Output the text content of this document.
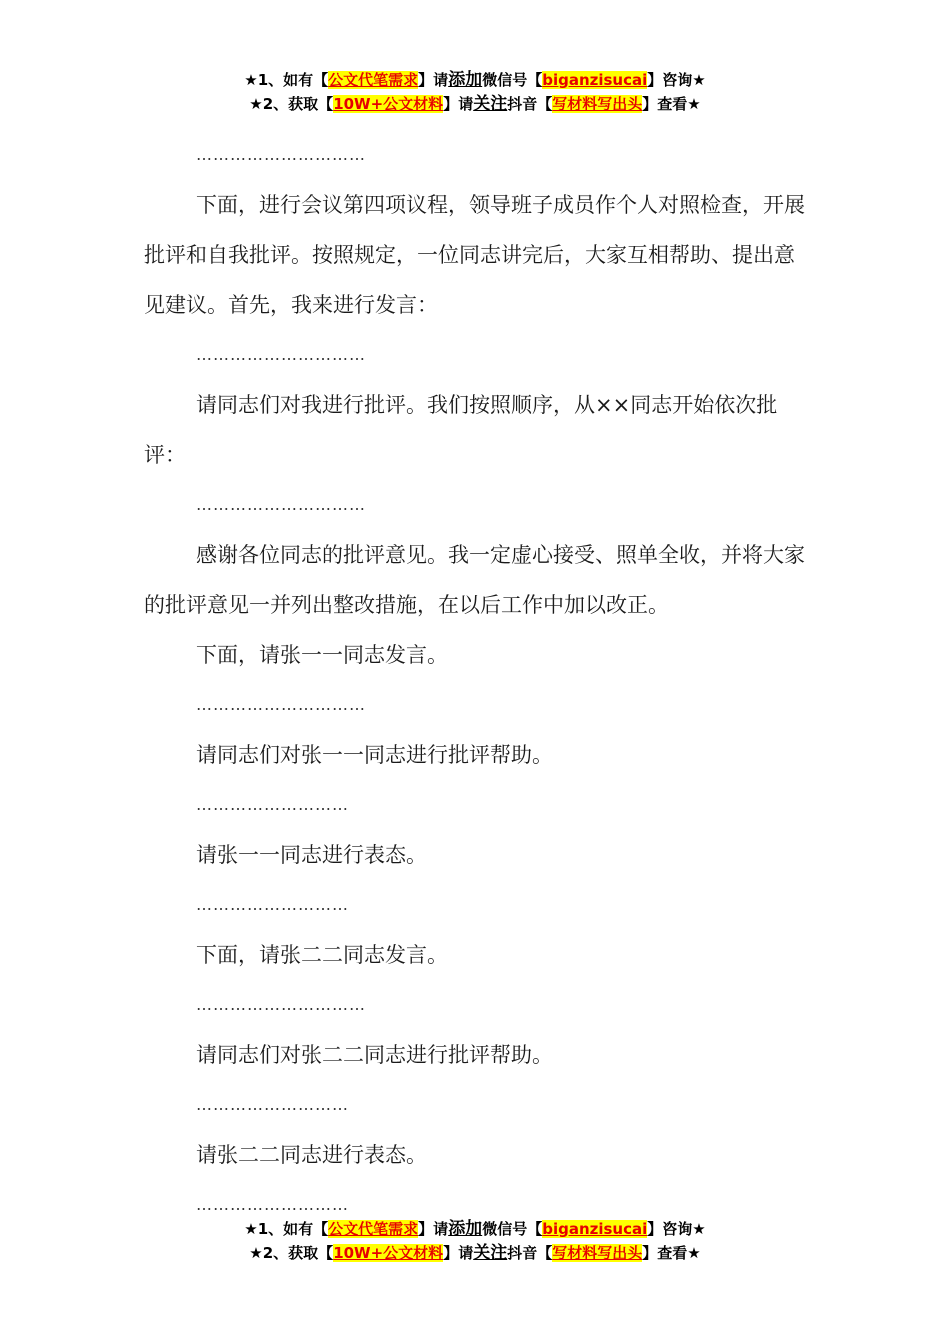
★1、如有【公文代笔需求】请添加微信号【biganzisucai】咨询★
★2、获取【10W+公文材料】请关注抖音【写材料写出头】查看★

…………………………

下面，进行会议第四项议程，领导班子成员作个人对照检查，开展批评和自我批评。按照规定，一位同志讲完后，大家互相帮助、提出意见建议。首先，我来进行发言：

…………………………

请同志们对我进行批评。我们按照顺序，从××同志开始依次批评：

…………………………

感谢各位同志的批评意见。我一定虚心接受、照单全收，并将大家的批评意见一并列出整改措施，在以后工作中加以改正。

下面，请张一一同志发言。

…………………………

请同志们对张一一同志进行批评帮助。

………………………

请张一一同志进行表态。

………………………

下面，请张二二同志发言。

…………………………

请同志们对张二二同志进行批评帮助。

………………………

请张二二同志进行表态。

………………………

★1、如有【公文代笔需求】请添加微信号【biganzisucai】咨询★
★2、获取【10W+公文材料】请关注抖音【写材料写出头】查看★
